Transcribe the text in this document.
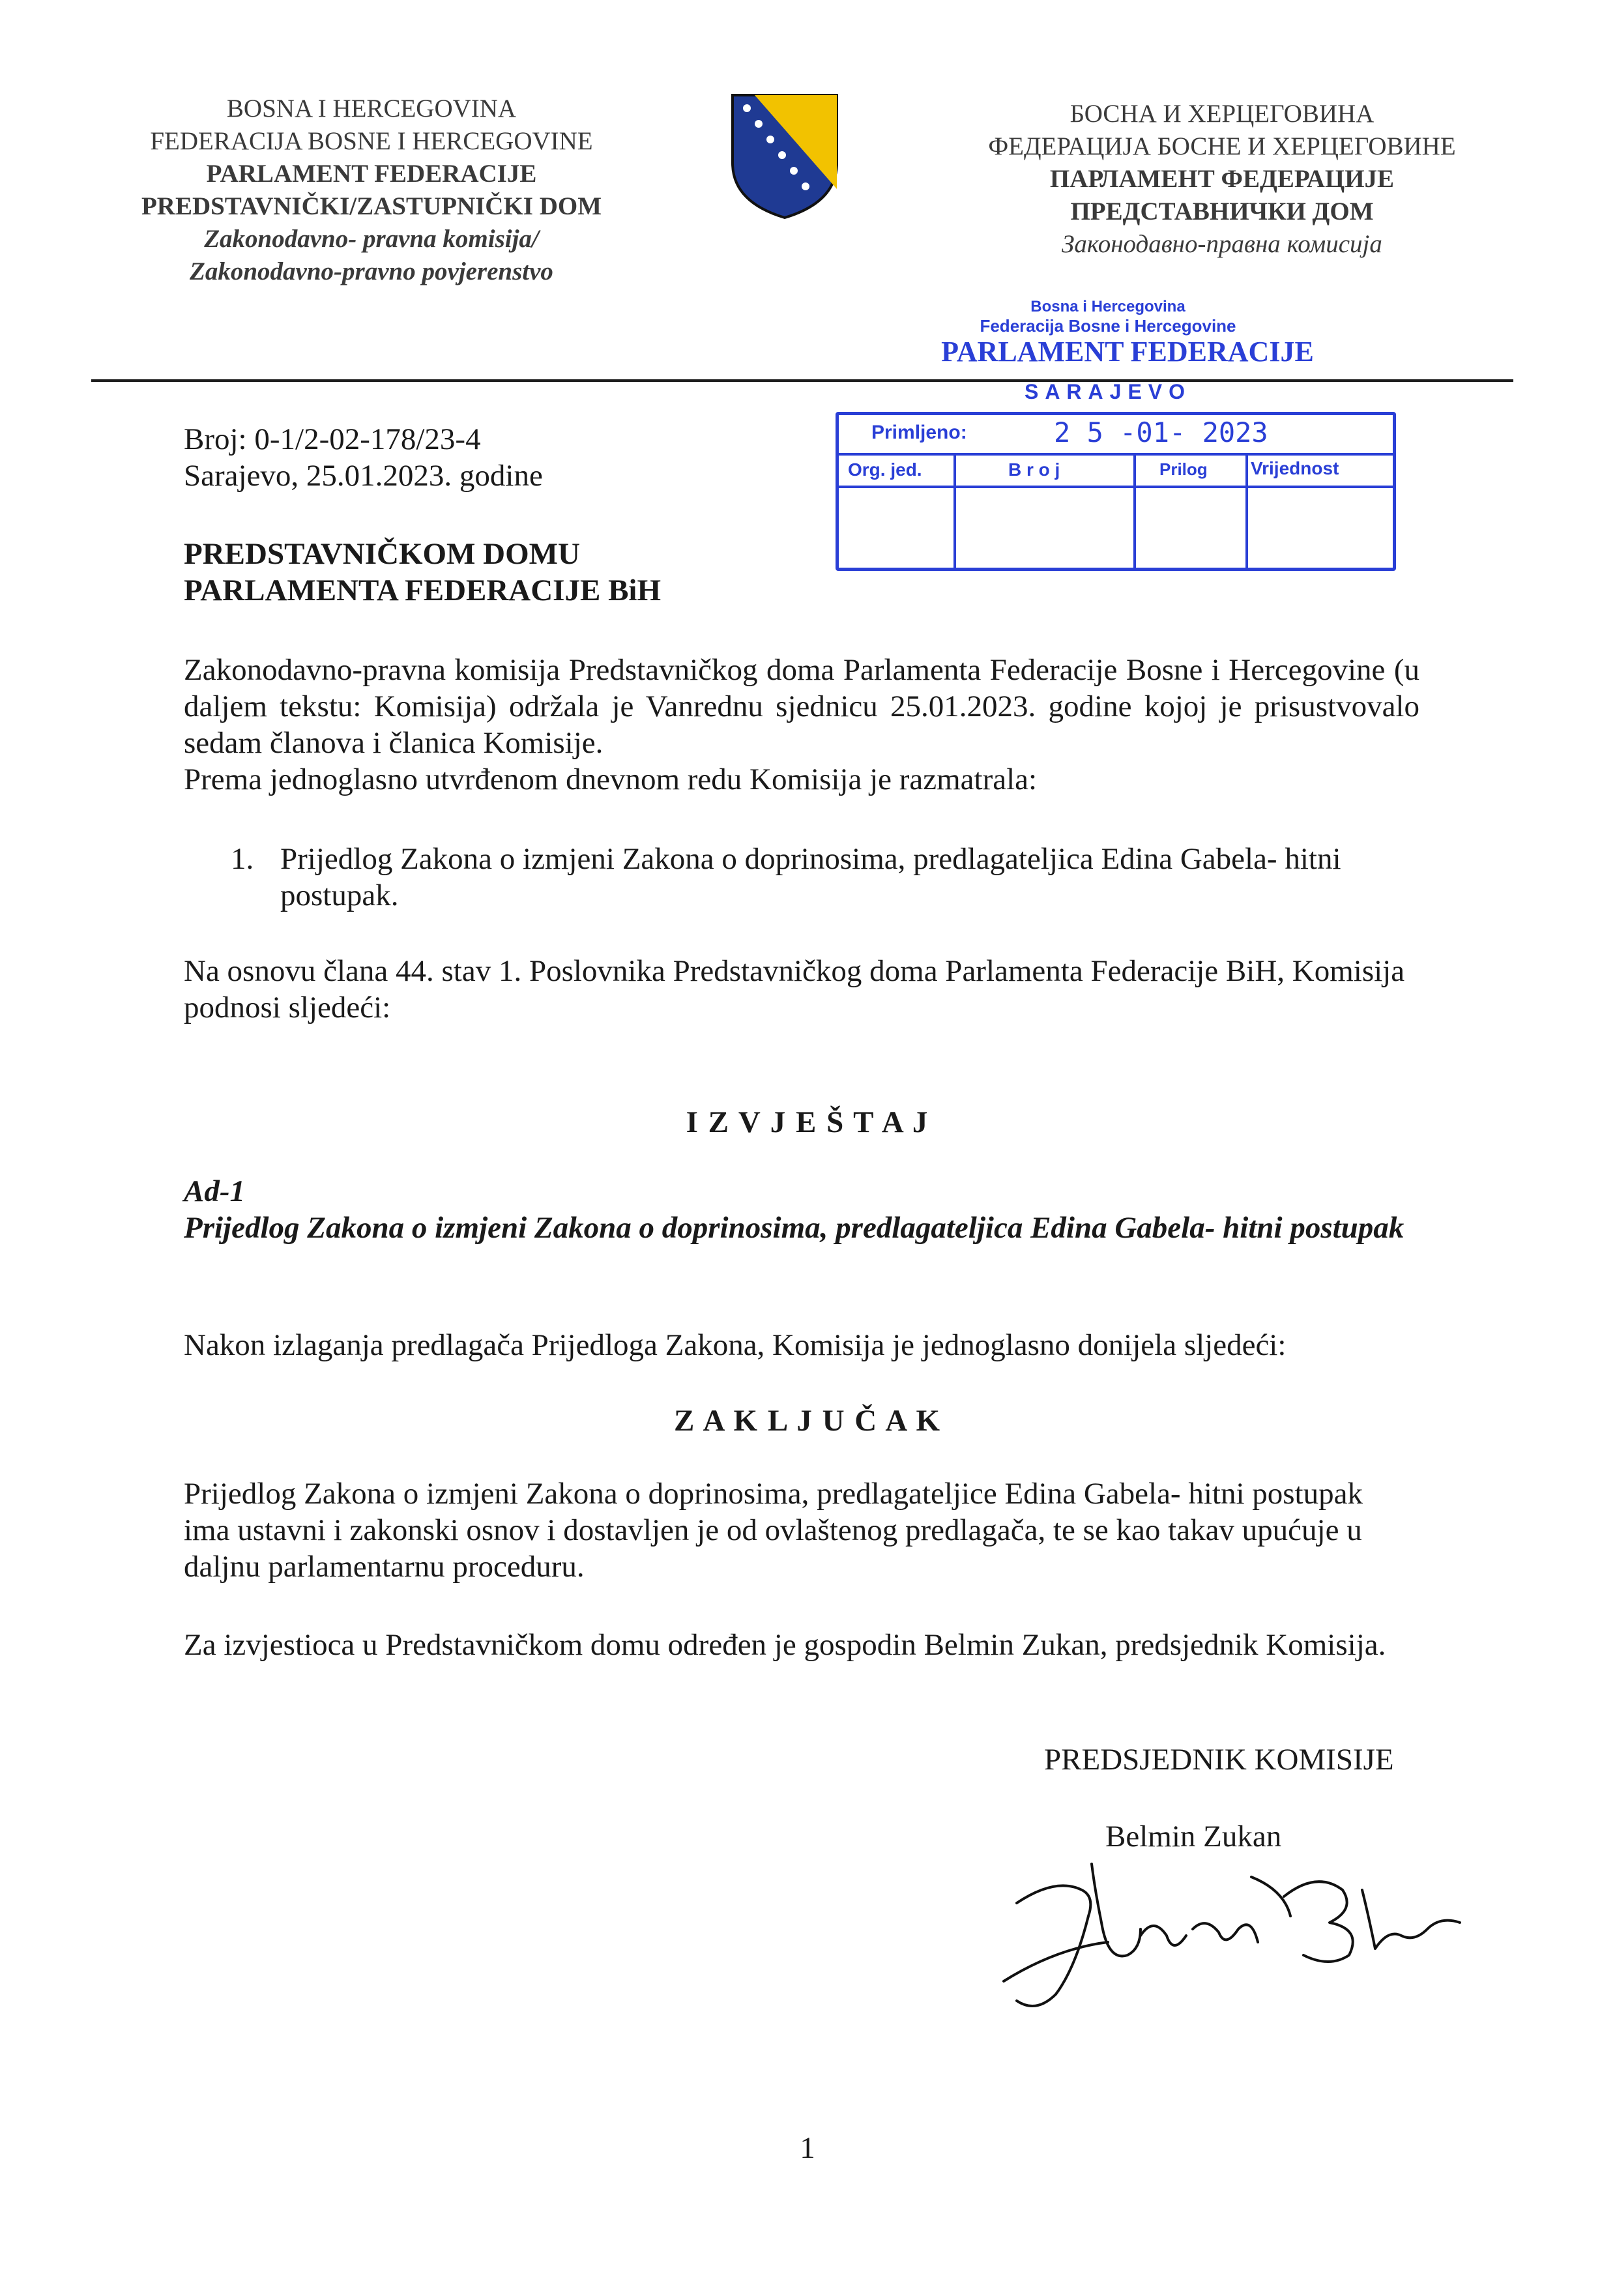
BOSNA I HERCEGOVINA
FEDERACIJA BOSNE I HERCEGOVINE
PARLAMENT FEDERACIJE
PREDSTAVNIČKI/ZASTUPNIČKI DOM
Zakonodavno- pravna komisija/
Zakonodavno-pravno povjerenstvo
БОСНА И ХЕРЦЕГОВИНА
ФЕДЕРАЦИЈА БОСНЕ И ХЕРЦЕГОВИНЕ
ПАРЛАМЕНТ ФЕДЕРАЦИЈЕ
ПРЕДСТАВНИЧКИ ДОМ
Законодавно-правна комисија
Bosna i Hercegovina
Federacija Bosne i Hercegovine
PARLAMENT FEDERACIJE
SARAJEVO
Primljeno:	2 5 -01- 2023
Org. jed.	B r o j	Prilog Vrijednost
Broj: 0-1/2-02-178/23-4
Sarajevo, 25.01.2023. godine
PREDSTAVNIČKOM DOMU
PARLAMENTA FEDERACIJE BiH
Zakonodavno-pravna komisija Predstavničkog doma Parlamenta Federacije Bosne i Hercegovine (u daljem tekstu: Komisija) održala je Vanrednu sjednicu 25.01.2023. godine kojoj je prisustvovalo sedam članova i članica Komisije.
Prema jednoglasno utvrđenom dnevnom redu Komisija je razmatrala:
1. Prijedlog Zakona o izmjeni Zakona o doprinosima, predlagateljica Edina Gabela- hitni postupak.
Na osnovu člana 44. stav 1. Poslovnika Predstavničkog doma Parlamenta Federacije BiH, Komisija podnosi sljedeći:
I Z V J E Š T A J
Ad-1
Prijedlog Zakona o izmjeni Zakona o doprinosima, predlagateljica Edina Gabela- hitni postupak
Nakon izlaganja predlagača Prijedloga Zakona, Komisija je jednoglasno donijela sljedeći:
Z A K L J U Č A K
Prijedlog Zakona o izmjeni Zakona o doprinosima, predlagateljice Edina Gabela- hitni postupak ima ustavni i zakonski osnov i dostavljen je od ovlaštenog predlagača, te se kao takav upućuje u daljnu parlamentarnu proceduru.
Za izvjestioca u Predstavničkom domu određen je gospodin Belmin Zukan, predsjednik Komisija.
PREDSJEDNIK KOMISIJE
Belmin Zukan
1
